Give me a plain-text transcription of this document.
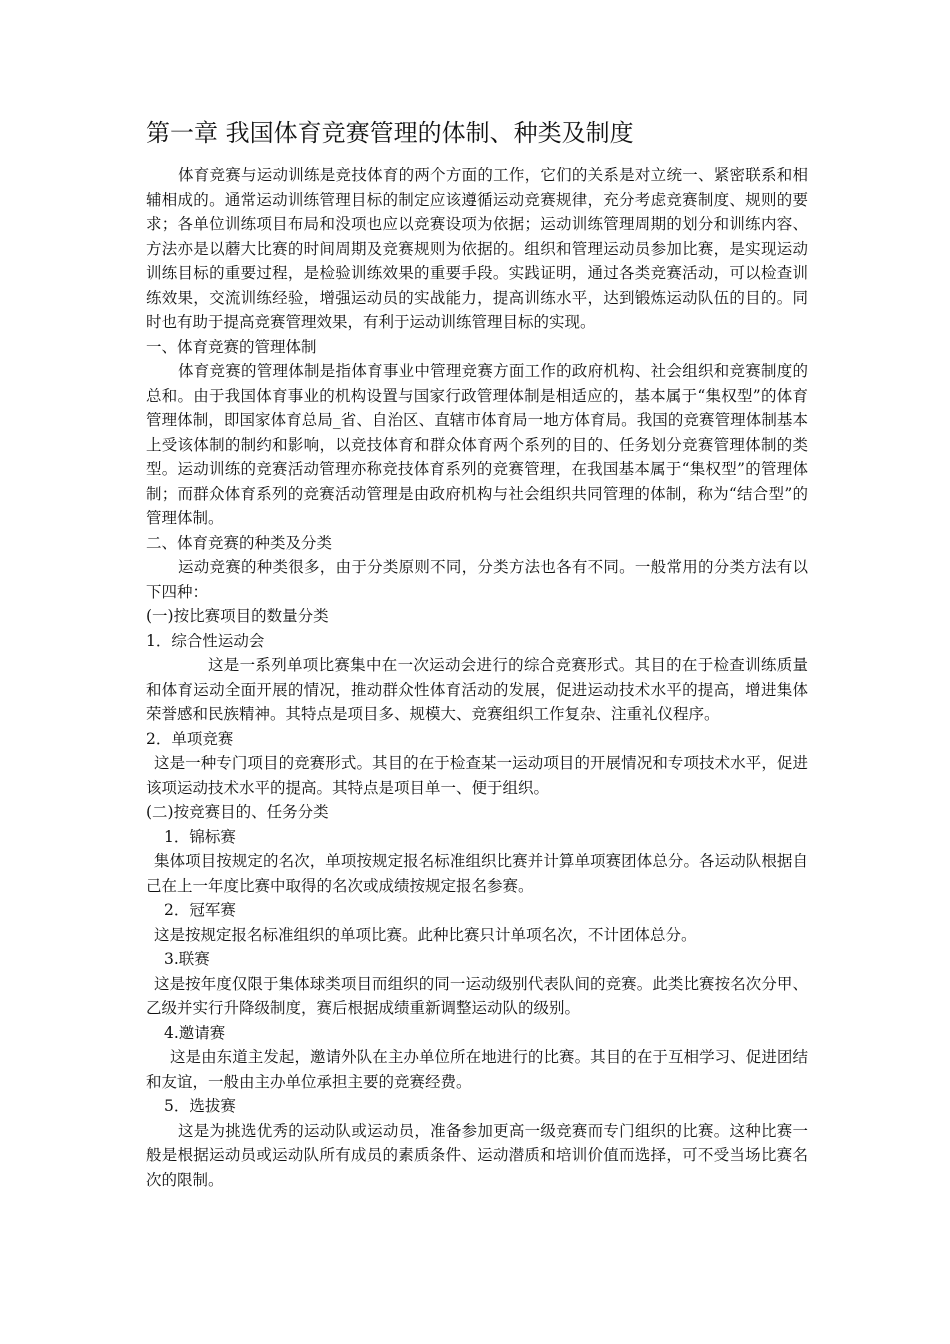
第一章 我国体育竞赛管理的体制、种类及制度

体育竞赛与运动训练是竞技体育的两个方面的工作，它们的关系是对立统一、紧密联系和相辅相成的。通常运动训练管理目标的制定应该遵循运动竞赛规律，充分考虑竞赛制度、规则的要求；各单位训练项目布局和没项也应以竞赛设项为依据；运动训练管理周期的划分和训练内容、方法亦是以蘑大比赛的时间周期及竞赛规则为依据的。组织和管理运动员参加比赛，是实现运动训练目标的重要过程，是检验训练效果的重要手段。实践证明，通过各类竞赛活动，可以检查训练效果，交流训练经验，增强运动员的实战能力，提高训练水平，达到锻炼运动队伍的目的。同时也有助于提高竞赛管理效果，有利于运动训练管理目标的实现。

一、体育竞赛的管理体制

体育竞赛的管理体制是指体育事业中管理竞赛方面工作的政府机构、社会组织和竞赛制度的总和。由于我国体育事业的机构设置与国家行政管理体制是相适应的，基本属于“集权型”的体育管理体制，即国家体育总局_省、自治区、直辖市体育局一地方体育局。我国的竞赛管理体制基本上受该体制的制约和影响，以竞技体育和群众体育两个系列的目的、任务划分竞赛管理体制的类型。运动训练的竞赛活动管理亦称竞技体育系列的竞赛管理，在我国基本属于“集权型”的管理体制；而群众体育系列的竞赛活动管理是由政府机构与社会组织共同管理的体制，称为“结合型”的管理体制。

二、体育竞赛的种类及分类

运动竞赛的种类很多，由于分类原则不同，分类方法也各有不同。一般常用的分类方法有以下四种：

(一)按比赛项目的数量分类

1．综合性运动会

这是一系列单项比赛集中在一次运动会进行的综合竞赛形式。其目的在于检查训练质量和体育运动全面开展的情况，推动群众性体育活动的发展，促进运动技术水平的提高，增进集体荣誉感和民族精神。其特点是项目多、规模大、竞赛组织工作复杂、注重礼仪程序。

2．单项竞赛

这是一种专门项目的竞赛形式。其目的在于检查某一运动项目的开展情况和专项技术水平，促进该项运动技术水平的提高。其特点是项目单一、便于组织。

(二)按竞赛目的、任务分类

1．锦标赛

集体项目按规定的名次，单项按规定报名标准组织比赛并计算单项赛团体总分。各运动队根据自己在上一年度比赛中取得的名次或成绩按规定报名参赛。

2．冠军赛

这是按规定报名标准组织的单项比赛。此种比赛只计单项名次，不计团体总分。

3.联赛

这是按年度仅限于集体球类项目而组织的同一运动级别代表队间的竞赛。此类比赛按名次分甲、乙级并实行升降级制度，赛后根据成绩重新调整运动队的级别。

4.邀请赛

这是由东道主发起，邀请外队在主办单位所在地进行的比赛。其目的在于互相学习、促进团结和友谊，一般由主办单位承担主要的竞赛经费。

5．选拔赛

这是为挑选优秀的运动队或运动员，准备参加更高一级竞赛而专门组织的比赛。这种比赛一般是根据运动员或运动队所有成员的素质条件、运动潜质和培训价值而选择，可不受当场比赛名次的限制。
